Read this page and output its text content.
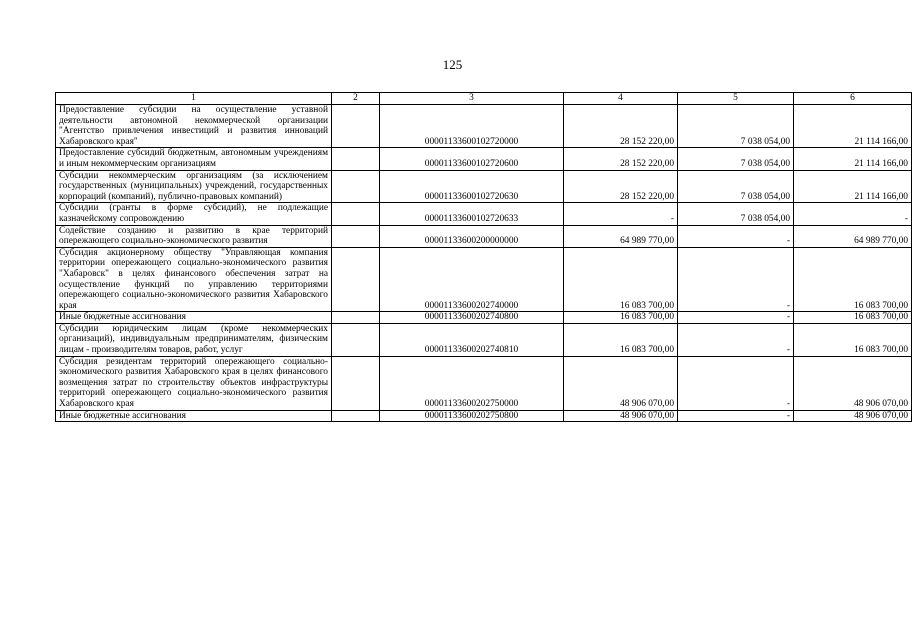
125
1	2	3	4	5	6
Предоставление субсидии на осуществление уставной деятельности автономной некоммерческой организации "Агентство привлечения инвестиций и развития инноваций Хабаровского края"		00001133600102720000	28 152 220,00	7 038 054,00	21 114 166,00
Предоставление субсидий бюджетным, автономным учреждениям и иным некоммерческим организациям		00001133600102720600	28 152 220,00	7 038 054,00	21 114 166,00
Субсидии некоммерческим организациям (за исключением государственных (муниципальных) учреждений, государственных корпораций (компаний), публично-правовых компаний)		00001133600102720630	28 152 220,00	7 038 054,00	21 114 166,00
Субсидии (гранты в форме субсидий), не подлежащие казначейскому сопровождению		00001133600102720633	-	7 038 054,00	-
Содействие созданию и развитию в крае территорий опережающего социально-экономического развития		00001133600200000000	64 989 770,00	-	64 989 770,00
Субсидия акционерному обществу "Управляющая компания территории опережающего социально-экономического развития "Хабаровск" в целях финансового обеспечения затрат на осуществление функций по управлению территориями опережающего социально-экономического развития Хабаровского края		00001133600202740000	16 083 700,00	-	16 083 700,00
Иные бюджетные ассигнования		00001133600202740800	16 083 700,00	-	16 083 700,00
Субсидии юридическим лицам (кроме некоммерческих организаций), индивидуальным предпринимателям, физическим лицам - производителям товаров, работ, услуг		00001133600202740810	16 083 700,00	-	16 083 700,00
Субсидия резидентам территорий опережающего социально-экономического развития Хабаровского края в целях финансового возмещения затрат по строительству объектов инфраструктуры территорий опережающего социально-экономического развития Хабаровского края		00001133600202750000	48 906 070,00	-	48 906 070,00
Иные бюджетные ассигнования		00001133600202750800	48 906 070,00	-	48 906 070,00
